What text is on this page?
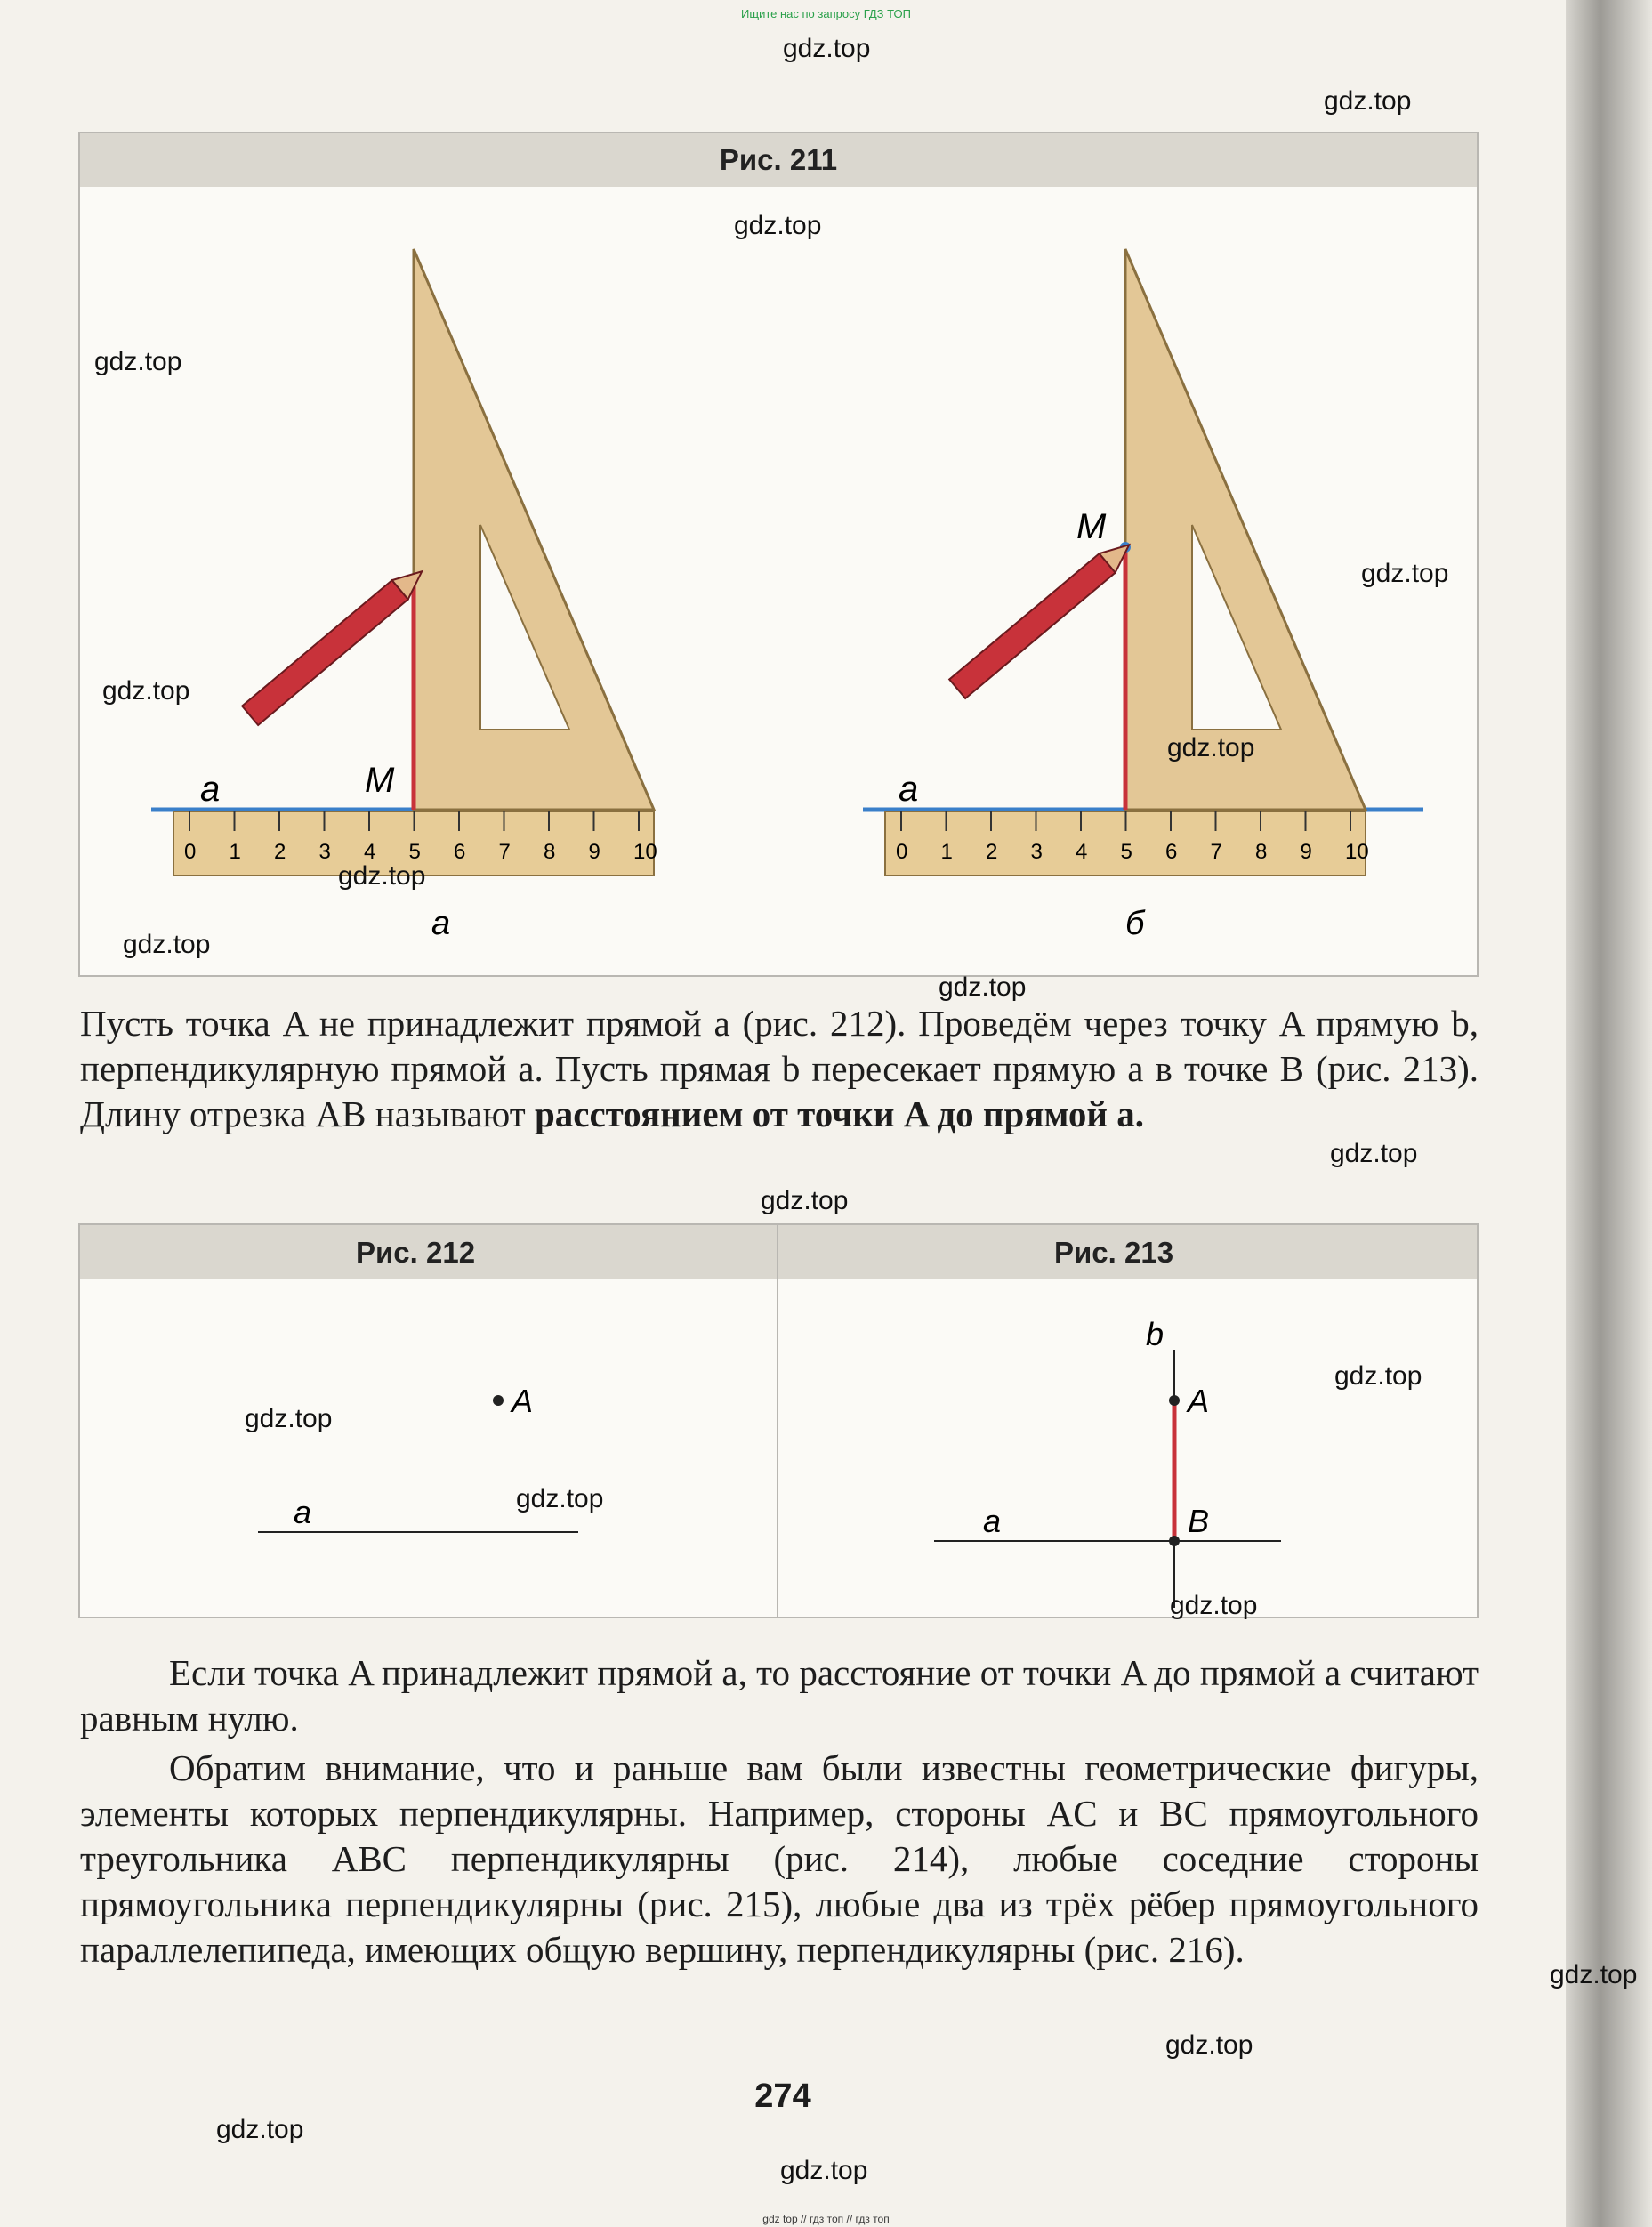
Ищите нас по запросу ГДЗ ТОП
Рис. 211
a	M
а
a
M
б
0 1 2 3 4 5 6 7 8 9 10	0 1 2 3 4 5 6 7 8 9 10
Пусть точка A не принадлежит прямой a (рис. 212). Проведём через точку A прямую b, перпендикулярную прямой a. Пусть прямая b пересекает прямую a в точке B (рис. 213). Длину отрезка AB называют расстоянием от точки A до прямой a.
Рис. 212	Рис. 213
a
A
a
b
A
B
Если точка A принадлежит прямой a, то расстояние от точки A до прямой a считают равным нулю.
Обратим внимание, что и раньше вам были известны геометрические фигуры, элементы которых перпендикулярны. Например, стороны AC и BC прямоугольного треугольника ABC перпендикулярны (рис. 214), любые соседние стороны прямоугольника перпендикулярны (рис. 215), любые два из трёх рёбер прямоугольного параллелепипеда, имеющих общую вершину, перпендикулярны (рис. 216).
274
gdz.top
gdz.top
gdz.top
gdz.top
gdz.top
gdz.top
gdz.top
gdz.top
gdz.top
gdz.top
gdz.top
gdz.top
gdz.top
gdz.top
gdz.top
gdz.top
gdz.top
gdz.top
gdz.top
gdz.top
gdz top // гдз топ // гдз топ
